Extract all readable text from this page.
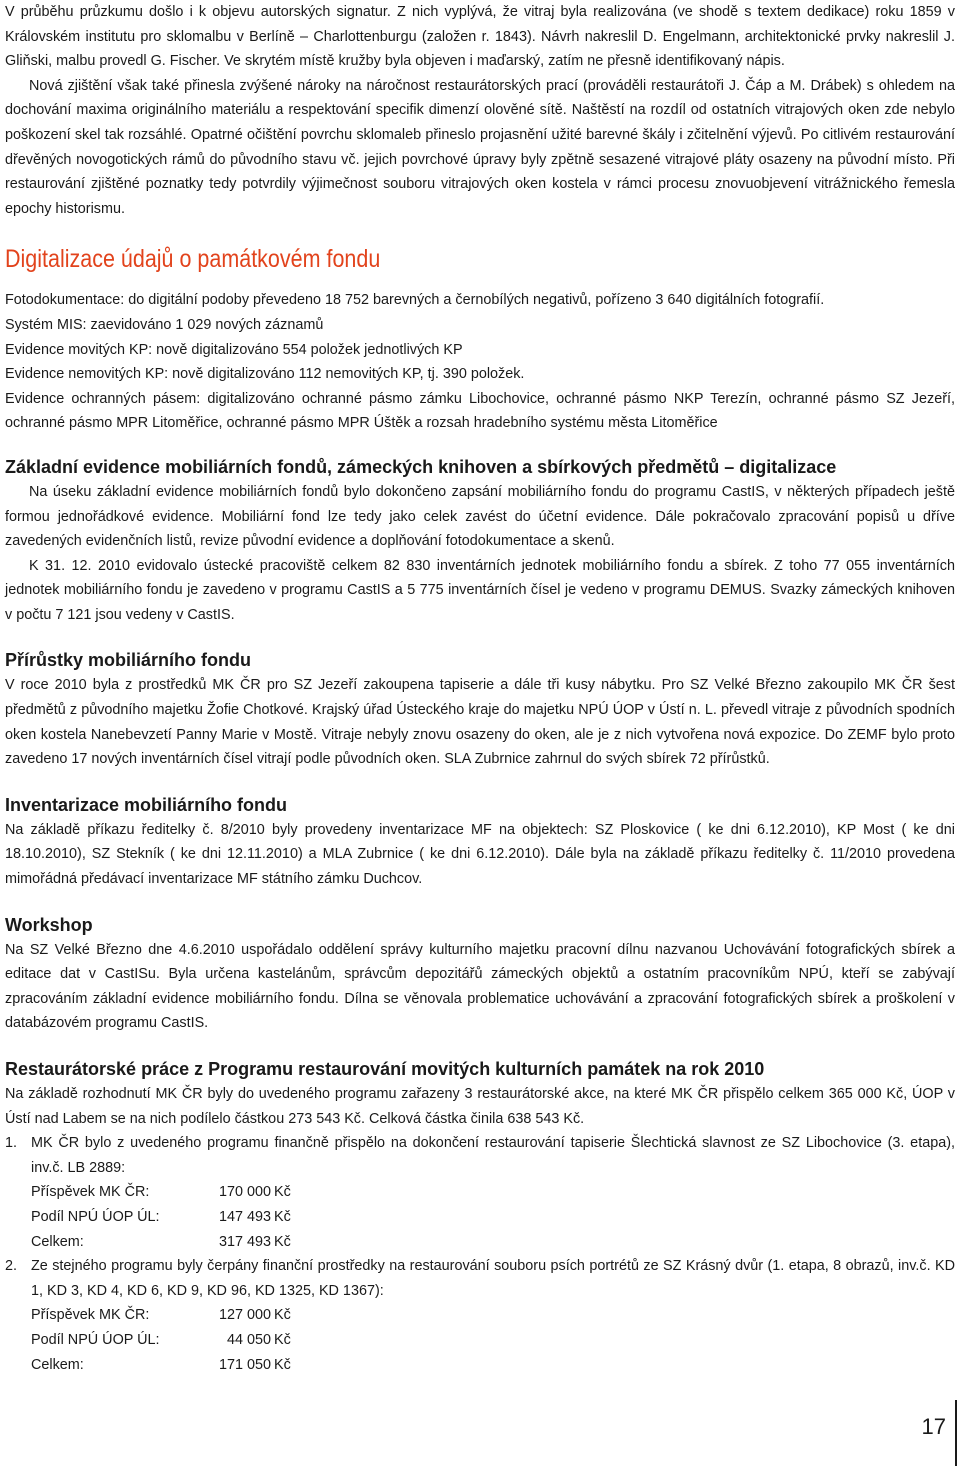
V průběhu průzkumu došlo i k objevu autorských signatur. Z nich vyplývá, že vitraj byla realizována (ve shodě s textem dedikace) roku 1859 v Královském institutu pro sklomalbu v Berlíně – Charlottenburgu (založen r. 1843). Návrh nakreslil D. Engelmann, architektonické prvky nakreslil J. Gliňski, malbu provedl G. Fischer. Ve skrytém místě kružby byla objeven i maďarský, zatím ne přesně identifikovaný nápis.

Nová zjištění však také přinesla zvýšené nároky na náročnost restaurátorských prací (prováděli restaurátoři J. Čáp a M. Drábek) s ohledem na dochování maxima originálního materiálu a respektování specifik dimenzí olověné sítě. Naštěstí na rozdíl od ostatních vitrajových oken zde nebylo poškození skel tak rozsáhlé. Opatrné očištění povrchu sklomaleb přineslo projasnění užité barevné škály i zčitelnění výjevů. Po citlivém restaurování dřevěných novogotických rámů do původního stavu vč. jejich povrchové úpravy byly zpětně sesazené vitrajové pláty osazeny na původní místo. Při restaurování zjištěné poznatky tedy potvrdily výjimečnost souboru vitrajových oken kostela v rámci procesu znovuobjevení vitrážnického řemesla epochy historismu.

Digitalizace údajů o památkovém fondu

Fotodokumentace: do digitální podoby převedeno 18 752 barevných a černobílých negativů, pořízeno 3 640 digitálních fotografií.

Systém MIS: zaevidováno 1 029 nových záznamů

Evidence movitých KP: nově digitalizováno 554 položek jednotlivých KP

Evidence nemovitých KP: nově digitalizováno 112 nemovitých KP, tj. 390 položek.

Evidence ochranných pásem: digitalizováno ochranné pásmo zámku Libochovice, ochranné pásmo NKP Terezín, ochranné pásmo SZ Jezeří, ochranné pásmo MPR Litoměřice, ochranné pásmo MPR Úštěk a rozsah hradebního systému města Litoměřice

Základní evidence mobiliárních fondů, zámeckých knihoven a sbírkových předmětů – digitalizace

Na úseku základní evidence mobiliárních fondů bylo dokončeno zapsání mobiliárního fondu do programu CastIS, v některých případech ještě formou jednořádkové evidence. Mobiliární fond lze tedy jako celek zavést do účetní evidence. Dále pokračovalo zpracování popisů u dříve zavedených evidenčních listů, revize původní evidence a doplňování fotodokumentace a skenů.

K 31. 12. 2010 evidovalo ústecké pracoviště celkem 82 830 inventárních jednotek mobiliárního fondu a sbírek. Z toho 77 055 inventárních jednotek mobiliárního fondu je zavedeno v programu CastIS a 5 775 inventárních čísel je vedeno v programu DEMUS. Svazky zámeckých knihoven v počtu 7 121 jsou vedeny v CastIS.

Přírůstky mobiliárního fondu

V roce 2010 byla z prostředků MK ČR pro SZ Jezeří zakoupena tapiserie a dále tři kusy nábytku. Pro SZ Velké Březno zakoupilo MK ČR šest předmětů z původního majetku Žofie Chotkové. Krajský úřad Ústeckého kraje do majetku NPÚ ÚOP v Ústí n. L. převedl vitraje z původních spodních oken kostela Nanebevzetí Panny Marie v Mostě. Vitraje nebyly znovu osazeny do oken, ale je z nich vytvořena nová expozice. Do ZEMF bylo proto zavedeno 17 nových inventárních čísel vitrají podle původních oken. SLA Zubrnice zahrnul do svých sbírek 72 přírůstků.

Inventarizace mobiliárního fondu

Na základě příkazu ředitelky č. 8/2010 byly provedeny inventarizace MF na objektech: SZ Ploskovice ( ke dni 6.12.2010), KP Most ( ke dni 18.10.2010), SZ Stekník ( ke dni 12.11.2010) a MLA Zubrnice ( ke dni 6.12.2010). Dále byla na základě příkazu ředitelky č. 11/2010 provedena mimořádná předávací inventarizace MF státního zámku Duchcov.

Workshop

Na SZ Velké Březno dne 4.6.2010 uspořádalo oddělení správy kulturního majetku pracovní dílnu nazvanou Uchovávání fotografických sbírek a editace dat v CastISu. Byla určena kastelánům, správcům depozitářů zámeckých objektů a ostatním pracovníkům NPÚ, kteří se zabývají zpracováním základní evidence mobiliárního fondu. Dílna se věnovala problematice uchovávání a zpracování fotografických sbírek a proškolení v databázovém programu CastIS.

Restaurátorské práce z Programu restaurování movitých kulturních památek na rok 2010

Na základě rozhodnutí MK ČR byly do uvedeného programu zařazeny 3 restaurátorské akce, na které MK ČR přispělo celkem 365 000 Kč, ÚOP v Ústí nad Labem se na nich podílelo částkou 273 543 Kč. Celková částka činila 638 543 Kč.

1. MK ČR bylo z uvedeného programu finančně přispělo na dokončení restaurování tapiserie Šlechtická slavnost ze SZ Libochovice (3. etapa), inv.č. LB 2889:

Příspěvek MK ČR:	170 000 Kč
Podíl NPÚ ÚOP ÚL:	147 493 Kč
Celkem:	317 493 Kč
2. Ze stejného programu byly čerpány finanční prostředky na restaurování souboru psích portrétů ze SZ Krásný dvůr (1. etapa, 8 obrazů, inv.č. KD 1, KD 3, KD 4, KD 6, KD 9, KD 96, KD 1325, KD 1367):

Příspěvek MK ČR:	127 000 Kč
Podíl NPÚ ÚOP ÚL:	44 050 Kč
Celkem:	171 050 Kč
17
